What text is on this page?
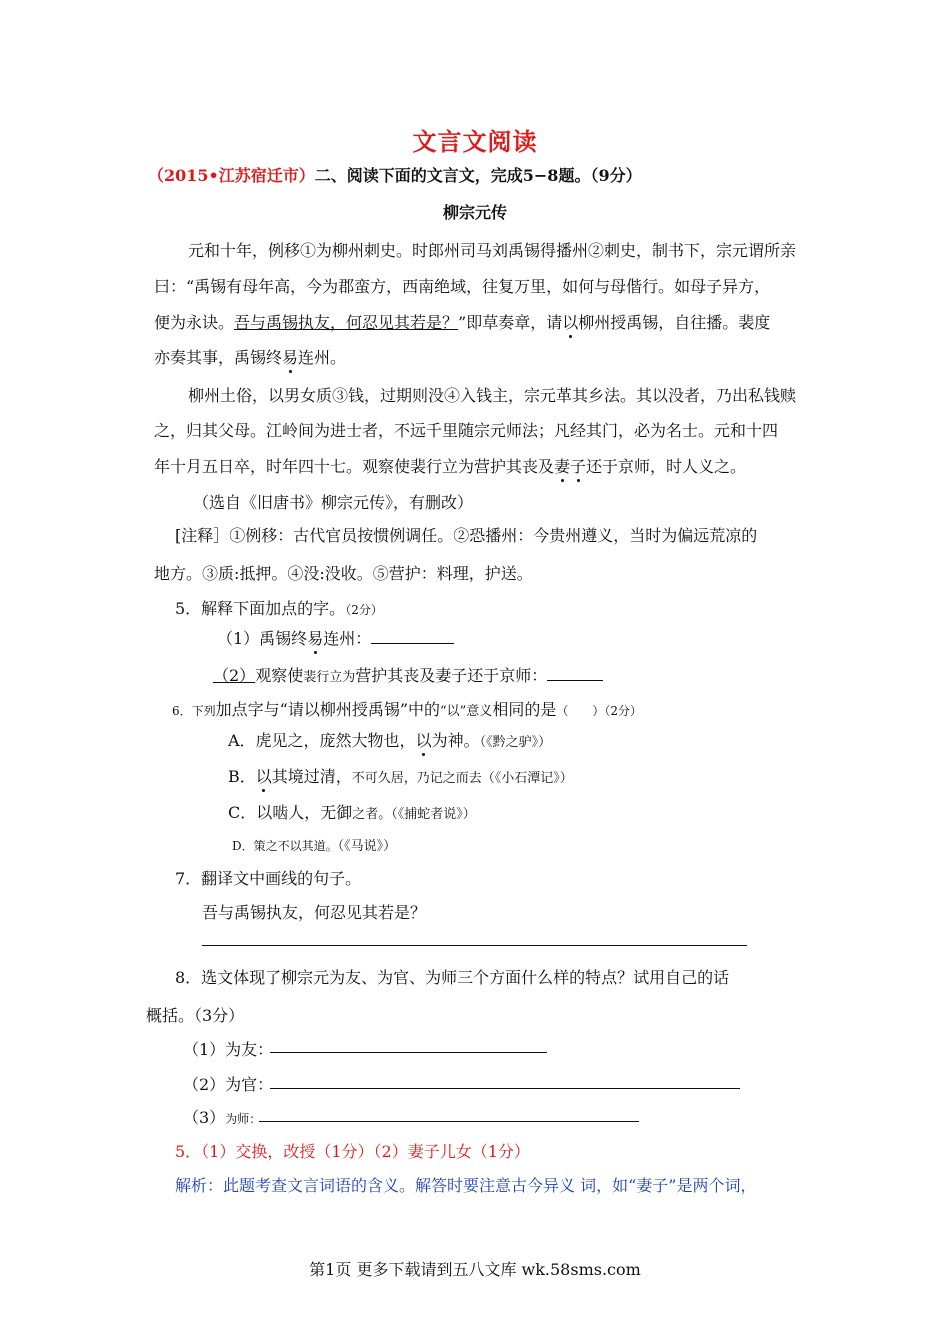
文言文阅读
（2015•江苏宿迁市）二、阅读下面的文言文，完成5−8题。（9分）
柳宗元传
元和十年，例移①为柳州刺史。时郎州司马刘禹锡得播州②刺史，制书下，宗元谓所亲
曰：“禹锡有母年高，今为郡蛮方，西南绝域，往复万里，如何与母偕行。如母子异方，
便为永诀。吾与禹锡执友，何忍见其若是？”即草奏章，请以柳州授禹锡，自往播。裴度
亦奏其事，禹锡终易连州。
柳州土俗，以男女质③钱，过期则没④入钱主，宗元革其乡法。其以没者，乃出私钱赎
之，归其父母。江岭间为进士者，不远千里随宗元师法；凡经其门，必为名士。元和十四
年十月五日卒，时年四十七。观察使裴行立为营护其丧及妻子还于京师，时人义之。
（选自《旧唐书》柳宗元传》，有删改）
[注释］①例移：古代官员按惯例调任。②恐播州：今贵州遵义，当时为偏远荒凉的
地方。③质:抵押。④没:没收。⑤营护：料理，护送。
5．解释下面加点的字。（2分）
（1）禹锡终易连州：
（2）观察使裴行立为营护其丧及妻子还于京师：
6．下列加点字与“请以柳州授禹锡”中的“以”意义相同的是（　　）（2分）
A．虎见之，庞然大物也，以为神。（《黔之驴》）
B．以其境过清，不可久居，乃记之而去（《小石潭记》）
C．以啮人，无御之者。（《捕蛇者说》）
D．策之不以其道。（《马说》）
7．翻译文中画线的句子。
吾与禹锡执友，何忍见其若是？
8．选文体现了柳宗元为友、为官、为师三个方面什么样的特点？试用自己的话
概括。（3分）
（1）为友：
（2）为官：
（3）为师：
5．（1）交换，改授（1分）（2）妻子儿女（1分）
解析：此题考查文言词语的含义。解答时要注意古今异义 词，如“妻子”是两个词，
第1页 更多下载请到五八文库 wk.58sms.com
